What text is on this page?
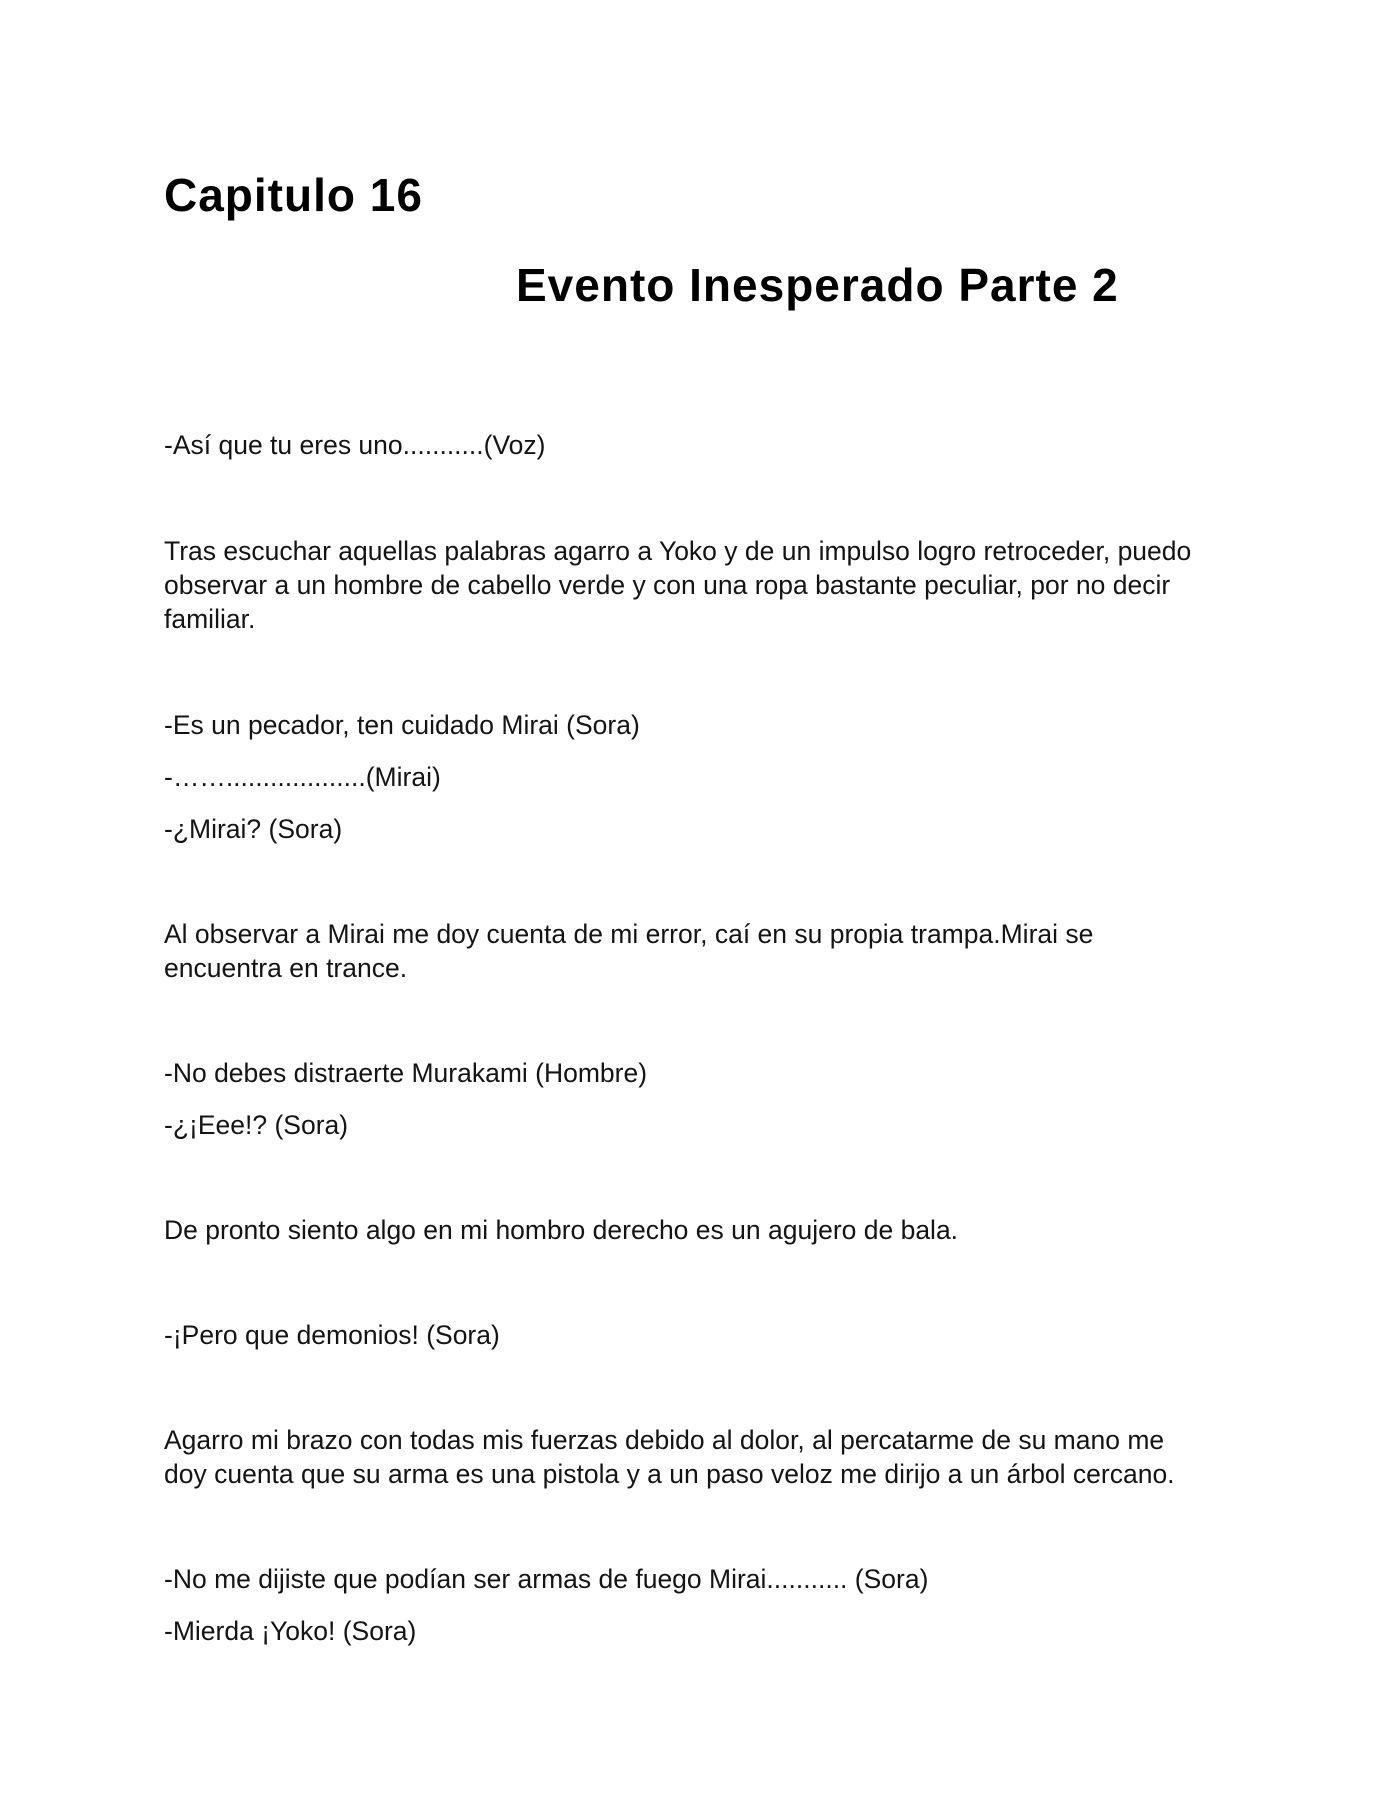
Capitulo 16
Evento Inesperado Parte 2

-Así que tu eres uno...........(Voz)

Tras escuchar aquellas palabras agarro a Yoko y de un impulso logro retroceder, puedo
observar a un hombre de cabello verde y con una ropa bastante peculiar, por no decir
familiar.

-Es un pecador, ten cuidado Mirai (Sora)

-……...................(Mirai)

-¿Mirai? (Sora)

Al observar a Mirai me doy cuenta de mi error, caí en su propia trampa.Mirai se
encuentra en trance.

-No debes distraerte Murakami (Hombre)

-¿¡Eee!? (Sora)

De pronto siento algo en mi hombro derecho es un agujero de bala.

-¡Pero que demonios! (Sora)

Agarro mi brazo con todas mis fuerzas debido al dolor, al percatarme de su mano me
doy cuenta que su arma es una pistola y a un paso veloz me dirijo a un árbol cercano.

-No me dijiste que podían ser armas de fuego Mirai........... (Sora)

-Mierda ¡Yoko! (Sora)
